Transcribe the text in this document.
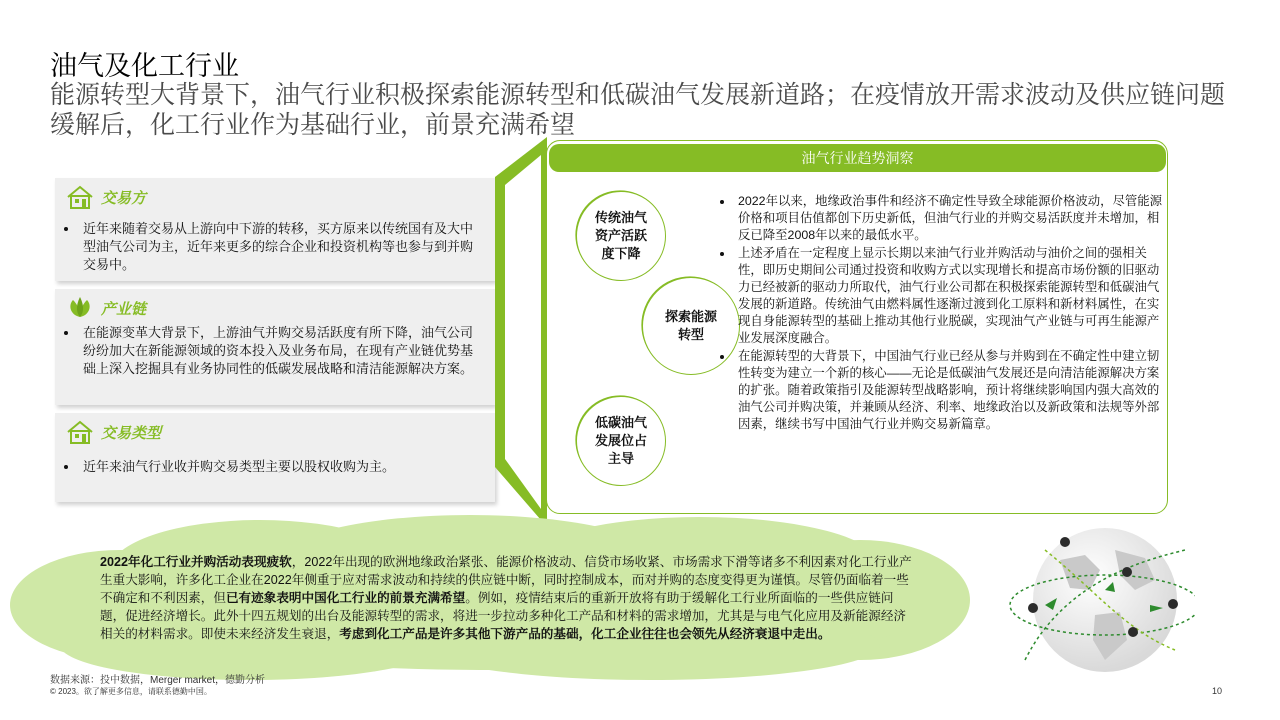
油气及化工行业
能源转型大背景下，油气行业积极探索能源转型和低碳油气发展新道路；在疫情放开需求波动及供应链问题缓解后，化工行业作为基础行业，前景充满希望
交易方
• 近年来随着交易从上游向中下游的转移，买方原来以传统国有及大中型油气公司为主，近年来更多的综合企业和投资机构等也参与到并购交易中。
产业链
• 在能源变革大背景下，上游油气并购交易活跃度有所下降，油气公司纷纷加大在新能源领域的资本投入及业务布局，在现有产业链优势基础上深入挖掘具有业务协同性的低碳发展战略和清洁能源解决方案。
交易类型
• 近年来油气行业收并购交易类型主要以股权收购为主。
油气行业趋势洞察
传统油气资产活跃度下降
探索能源转型
低碳油气发展位占主导
• 2022年以来，地缘政治事件和经济不确定性导致全球能源价格波动，尽管能源价格和项目估值都创下历史新低，但油气行业的并购交易活跃度并未增加，相反已降至2008年以来的最低水平。
• 上述矛盾在一定程度上显示长期以来油气行业并购活动与油价之间的强相关性，即历史期间公司通过投资和收购方式以实现增长和提高市场份额的旧驱动力已经被新的驱动力所取代，油气行业公司都在积极探索能源转型和低碳油气发展的新道路。传统油气由燃料属性逐渐过渡到化工原料和新材料属性，在实现自身能源转型的基础上推动其他行业脱碳，实现油气产业链与可再生能源产业发展深度融合。
• 在能源转型的大背景下，中国油气行业已经从参与并购到在不确定性中建立韧性转变为建立一个新的核心——无论是低碳油气发展还是向清洁能源解决方案的扩张。随着政策指引及能源转型战略影响，预计将继续影响国内强大高效的油气公司并购决策，并兼顾从经济、利率、地缘政治以及新政策和法规等外部因素，继续书写中国油气行业并购交易新篇章。
2022年化工行业并购活动表现疲软，2022年出现的欧洲地缘政治紧张、能源价格波动、信贷市场收紧、市场需求下滑等诸多不利因素对化工行业产生重大影响，许多化工企业在2022年侧重于应对需求波动和持续的供应链中断，同时控制成本，而对并购的态度变得更为谨慎。尽管仍面临着一些不确定和不利因素，但已有迹象表明中国化工行业的前景充满希望。例如，疫情结束后的重新开放将有助于缓解化工行业所面临的一些供应链问题，促进经济增长。此外十四五规划的出台及能源转型的需求，将进一步拉动多种化工产品和材料的需求增加，尤其是与电气化应用及新能源经济相关的材料需求。即使未来经济发生衰退，考虑到化工产品是许多其他下游产品的基础，化工企业往往也会领先从经济衰退中走出。
数据来源：投中数据，Merger market，德勤分析
© 2023。欲了解更多信息，请联系德勤中国。	10
